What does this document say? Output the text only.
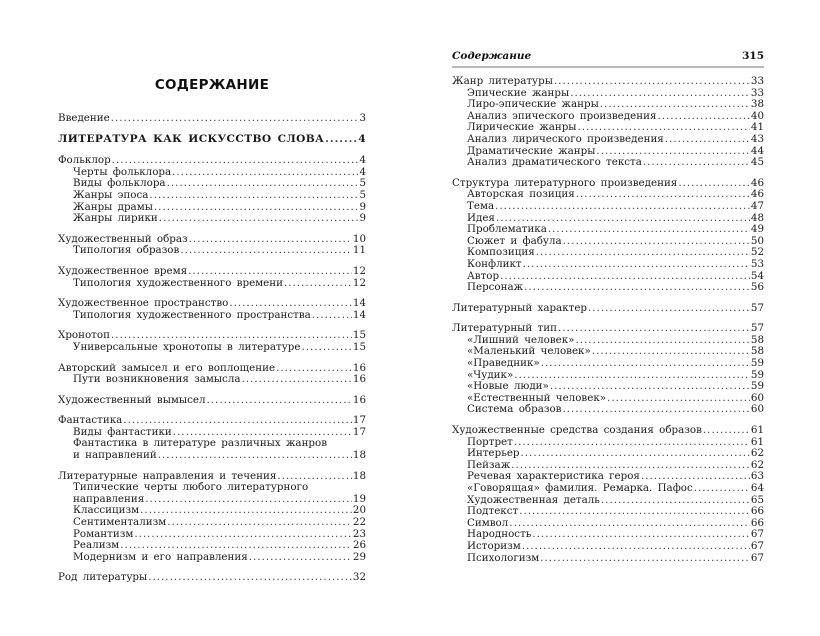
СОДЕРЖАНИЕ
Введение .....	3
ЛИТЕРАТУРА КАК ИСКУССТВО СЛОВА .....	4
Фольклор .....	4
Черты фольклора .....	4
Виды фольклора .....	5
Жанры эпоса .....	5
Жанры драмы .....	9
Жанры лирики .....	9
Художественный образ .....	10
Типология образов .....	11
Художественное время .....	12
Типология художественного времени .....	12
Художественное пространство .....	14
Типология художественного пространства .....	14
Хронотоп .....	15
Универсальные хронотопы в литературе .....	15
Авторский замысел и его воплощение .....	16
Пути возникновения замысла .....	16
Художественный вымысел .....	16
Фантастика .....	17
Виды фантастики .....	17
Фантастика в литературе различных жанров
и направлений .....	18
Литературные направления и течения .....	18
Типические черты любого литературного
направления .....	19
Классицизм .....	20
Сентиментализм .....	22
Романтизм .....	23
Реализм .....	26
Модернизм и его направления .....	29
Род литературы .....	32
Содержание	315
Жанр литературы .....	33
Эпические жанры .....	33
Лиро-эпические жанры .....	38
Анализ эпического произведения .....	40
Лирические жанры .....	41
Анализ лирического произведения .....	43
Драматические жанры .....	44
Анализ драматического текста .....	45
Структура литературного произведения .....	46
Авторская позиция .....	46
Тема .....	47
Идея .....	48
Проблематика .....	49
Сюжет и фабула .....	50
Композиция .....	52
Конфликт .....	53
Автор .....	54
Персонаж .....	56
Литературный характер .....	57
Литературный тип .....	57
«Лишний человек» .....	58
«Маленький человек» .....	58
«Праведник» .....	59
«Чудик» .....	59
«Новые люди» .....	59
«Естественный человек» .....	60
Система образов .....	60
Художественные средства создания образов .....	61
Портрет .....	61
Интерьер .....	62
Пейзаж .....	62
Речевая характеристика героя .....	63
«Говорящая» фамилия. Ремарка. Пафос .....	64
Художественная деталь .....	65
Подтекст .....	66
Символ .....	66
Народность .....	67
Историзм .....	67
Психологизм .....	67
